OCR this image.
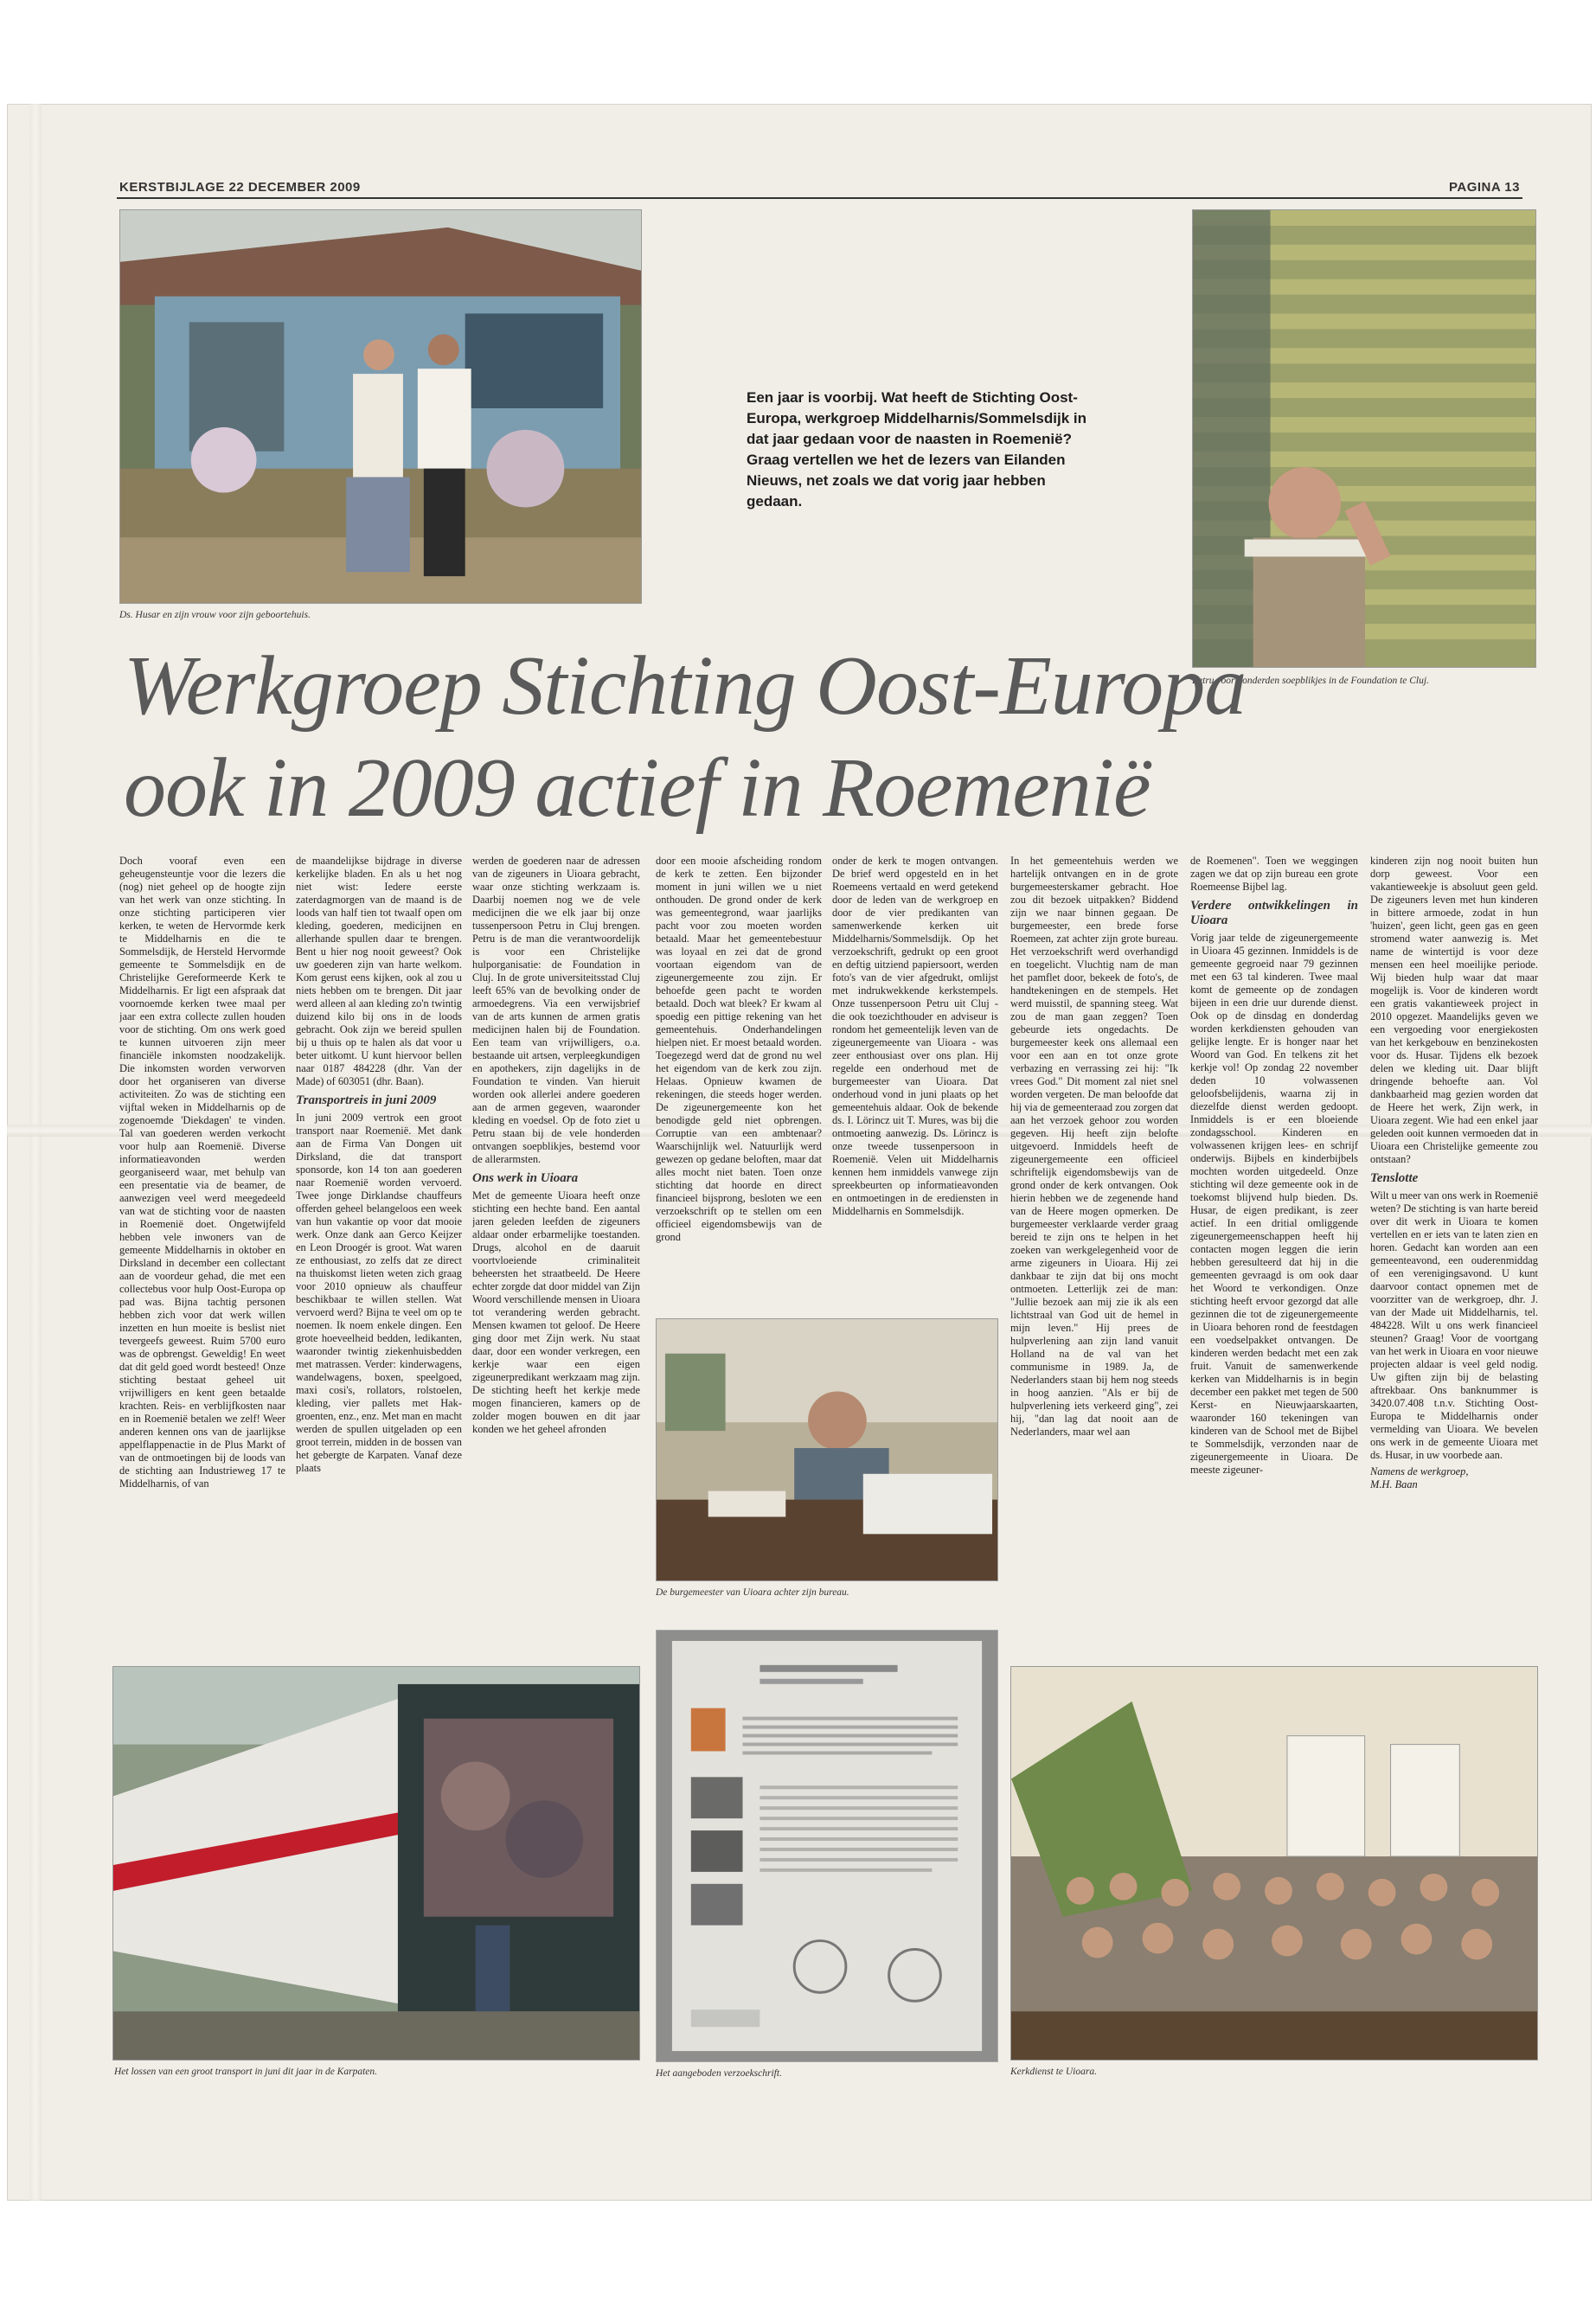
KERSTBIJLAGE 22 DECEMBER 2009	PAGINA 13
Ds. Husar en zijn vrouw voor zijn geboortehuis.
Een jaar is voorbij. Wat heeft de Stichting Oost-Europa, werkgroep Middelharnis/Sommelsdijk in dat jaar gedaan voor de naasten in Roemenië? Graag vertellen we het de lezers van Eilanden Nieuws, net zoals we dat vorig jaar hebben gedaan.
Petru voor honderden soepblikjes in de Foundation te Cluj.
Werkgroep Stichting Oost-Europa
ook in 2009 actief in Roemenië

Doch vooraf even een geheugensteuntje voor die lezers die (nog) niet geheel op de hoogte zijn van het werk van onze stichting. In onze stichting participeren vier kerken, te weten de Hervormde kerk te Middelharnis en die te Sommelsdijk, de Hersteld Hervormde gemeente te Sommelsdijk en de Christelijke Gereformeerde Kerk te Middelharnis. Er ligt een afspraak dat voornoemde kerken twee maal per jaar een extra collecte zullen houden voor de stichting. Om ons werk goed te kunnen uitvoeren zijn meer financiële inkomsten noodzakelijk. Die inkomsten worden verworven door het organiseren van diverse activiteiten. Zo was de stichting een vijftal weken in Middelharnis op de zogenoemde 'Diekdagen' te vinden. Tal van goederen werden verkocht voor hulp aan Roemenië. Diverse informatieavonden werden georganiseerd waar, met behulp van een presentatie via de beamer, de aanwezigen veel werd meegedeeld van wat de stichting voor de naasten in Roemenië doet. Ongetwijfeld hebben vele inwoners van de gemeente Middelharnis in oktober en Dirksland in december een collectant aan de voordeur gehad, die met een collectebus voor hulp Oost-Europa op pad was. Bijna tachtig personen hebben zich voor dat werk willen inzetten en hun moeite is beslist niet tevergeefs geweest. Ruim 5700 euro was de opbrengst. Geweldig! En weet dat dit geld goed wordt besteed! Onze stichting bestaat geheel uit vrijwilligers en kent geen betaalde krachten. Reis- en verblijfkosten naar en in Roemenië betalen we zelf! Weer anderen kennen ons van de jaarlijkse appelflappenactie in de Plus Markt of van de ontmoetingen bij de loods van de stichting aan Industrieweg 17 te Middelharnis, of van

de maandelijkse bijdrage in diverse kerkelijke bladen. En als u het nog niet wist: Iedere eerste zaterdagmorgen van de maand is de loods van half tien tot twaalf open om kleding, goederen, medicijnen en allerhande spullen daar te brengen. Bent u hier nog nooit geweest? Ook uw goederen zijn van harte welkom. Kom gerust eens kijken, ook al zou u niets hebben om te brengen. Dit jaar werd alleen al aan kleding zo'n twintig duizend kilo bij ons in de loods gebracht. Ook zijn we bereid spullen bij u thuis op te halen als dat voor u beter uitkomt. U kunt hiervoor bellen naar 0187 484228 (dhr. Van der Made) of 603051 (dhr. Baan).

Transportreis in juni 2009

In juni 2009 vertrok een groot transport naar Roemenië. Met dank aan de Firma Van Dongen uit Dirksland, die dat transport sponsorde, kon 14 ton aan goederen naar Roemenië worden vervoerd. Twee jonge Dirklandse chauffeurs offerden geheel belangeloos een week van hun vakantie op voor dat mooie werk. Onze dank aan Gerco Keijzer en Leon Droogér is groot. Wat waren ze enthousiast, zo zelfs dat ze direct na thuiskomst lieten weten zich graag voor 2010 opnieuw als chauffeur beschikbaar te willen stellen. Wat vervoerd werd? Bijna te veel om op te noemen. Ik noem enkele dingen. Een grote hoeveelheid bedden, ledikanten, waaronder twintig ziekenhuisbedden met matrassen. Verder: kinderwagens, wandelwagens, boxen, speelgoed, maxi cosi's, rollators, rolstoelen, kleding, vier pallets met Hak-groenten, enz., enz. Met man en macht werden de spullen uitgeladen op een groot terrein, midden in de bossen van het gebergte de Karpaten. Vanaf deze plaats

werden de goederen naar de adressen van de zigeuners in Uioara gebracht, waar onze stichting werkzaam is. Daarbij noemen nog we de vele medicijnen die we elk jaar bij onze tussenpersoon Petru in Cluj brengen. Petru is de man die verantwoordelijk is voor een Christelijke hulporganisatie: de Foundation in Cluj. In de grote universiteitsstad Cluj leeft 65% van de bevolking onder de armoedegrens. Via een verwijsbrief van de arts kunnen de armen gratis medicijnen halen bij de Foundation. Een team van vrijwilligers, o.a. bestaande uit artsen, verpleegkundigen en apothekers, zijn dagelijks in de Foundation te vinden. Van hieruit worden ook allerlei andere goederen aan de armen gegeven, waaronder kleding en voedsel. Op de foto ziet u Petru staan bij de vele honderden ontvangen soepblikjes, bestemd voor de allerarmsten.

Ons werk in Uioara

Met de gemeente Uioara heeft onze stichting een hechte band. Een aantal jaren geleden leefden de zigeuners aldaar onder erbarmelijke toestanden. Drugs, alcohol en de daaruit voortvloeiende criminaliteit beheersten het straatbeeld. De Heere echter zorgde dat door middel van Zijn Woord verschillende mensen in Uioara tot verandering werden gebracht. Mensen kwamen tot geloof. De Heere ging door met Zijn werk. Nu staat daar, door een wonder verkregen, een kerkje waar een eigen zigeunerpredikant werkzaam mag zijn. De stichting heeft het kerkje mede mogen financieren, kamers op de zolder mogen bouwen en dit jaar konden we het geheel afronden

door een mooie afscheiding rondom de kerk te zetten. Een bijzonder moment in juni willen we u niet onthouden. De grond onder de kerk was gemeentegrond, waar jaarlijks pacht voor zou moeten worden betaald. Maar het gemeentebestuur was loyaal en zei dat de grond voortaan eigendom van de zigeunergemeente zou zijn. Er behoefde geen pacht te worden betaald. Doch wat bleek? Er kwam al spoedig een pittige rekening van het gemeentehuis. Onderhandelingen hielpen niet. Er moest betaald worden. Toegezegd werd dat de grond nu wel het eigendom van de kerk zou zijn. Helaas. Opnieuw kwamen de rekeningen, die steeds hoger werden. De zigeunergemeente kon het benodigde geld niet opbrengen. Corruptie van een ambtenaar? Waarschijnlijk wel. Natuurlijk werd gewezen op gedane beloften, maar dat alles mocht niet baten. Toen onze stichting dat hoorde en direct financieel bijsprong, besloten we een verzoekschrift op te stellen om een officieel eigendomsbewijs van de grond

onder de kerk te mogen ontvangen. De brief werd opgesteld en in het Roemeens vertaald en werd getekend door de leden van de werkgroep en door de vier predikanten van samenwerkende kerken uit Middelharnis/Sommelsdijk. Op het verzoekschrift, gedrukt op een groot en deftig uitziend papiersoort, werden foto's van de vier afgedrukt, omlijst met indrukwekkende kerkstempels. Onze tussenpersoon Petru uit Cluj - die ook toezichthouder en adviseur is rondom het gemeentelijk leven van de zigeunergemeente van Uioara - was zeer enthousiast over ons plan. Hij regelde een onderhoud met de burgemeester van Uioara. Dat onderhoud vond in juni plaats op het gemeentehuis aldaar. Ook de bekende ds. I. Lörincz uit T. Mures, was bij die ontmoeting aanwezig. Ds. Lörincz is onze tweede tussenpersoon in Roemenië. Velen uit Middelharnis kennen hem inmiddels vanwege zijn spreekbeurten op informatieavonden en ontmoetingen in de erediensten in Middelharnis en Sommelsdijk.

De burgemeester van Uioara achter zijn bureau.

In het gemeentehuis werden we hartelijk ontvangen en in de grote burgemeesterskamer gebracht. Hoe zou dit bezoek uitpakken? Biddend zijn we naar binnen gegaan. De burgemeester, een brede forse Roemeen, zat achter zijn grote bureau. Het verzoekschrift werd overhandigd en toegelicht. Vluchtig nam de man het pamflet door, bekeek de foto's, de handtekeningen en de stempels. Het werd muisstil, de spanning steeg. Wat zou de man gaan zeggen? Toen gebeurde iets ongedachts. De burgemeester keek ons allemaal een voor een aan en tot onze grote verbazing en verrassing zei hij: "Ik vrees God." Dit moment zal niet snel worden vergeten. De man beloofde dat hij via de gemeenteraad zou zorgen dat aan het verzoek gehoor zou worden gegeven. Hij heeft zijn belofte uitgevoerd. Inmiddels heeft de zigeunergemeente een officieel schriftelijk eigendomsbewijs van de grond onder de kerk ontvangen. Ook hierin hebben we de zegenende hand van de Heere mogen opmerken. De burgemeester verklaarde verder graag bereid te zijn ons te helpen in het zoeken van werkgelegenheid voor de arme zigeuners in Uioara. Hij zei dankbaar te zijn dat bij ons mocht ontmoeten. Letterlijk zei de man: "Jullie bezoek aan mij zie ik als een lichtstraal van God uit de hemel in mijn leven." Hij prees de hulpverlening aan zijn land vanuit Holland na de val van het communisme in 1989. Ja, de Nederlanders staan bij hem nog steeds in hoog aanzien. "Als er bij de hulpverlening iets verkeerd ging", zei hij, "dan lag dat nooit aan de Nederlanders, maar wel aan

de Roemenen". Toen we weggingen zagen we dat op zijn bureau een grote Roemeense Bijbel lag.

Verdere ontwikkelingen in Uioara

Vorig jaar telde de zigeunergemeente in Uioara 45 gezinnen. Inmiddels is de gemeente gegroeid naar 79 gezinnen met een 63 tal kinderen. Twee maal komt de gemeente op de zondagen bijeen in een drie uur durende dienst. Ook op de dinsdag en donderdag worden kerkdiensten gehouden van gelijke lengte. Er is honger naar het Woord van God. En telkens zit het kerkje vol! Op zondag 22 november deden 10 volwassenen geloofsbelijdenis, waarna zij in diezelfde dienst werden gedoopt. Inmiddels is er een bloeiende zondagsschool. Kinderen en volwassenen krijgen lees- en schrijf onderwijs. Bijbels en kinderbijbels mochten worden uitgedeeld. Onze stichting wil deze gemeente ook in de toekomst blijvend hulp bieden. Ds. Husar, de eigen predikant, is zeer actief. In een dritial omliggende zigeunergemeenschappen heeft hij contacten mogen leggen die ierin hebben geresulteerd dat hij in die gemeenten gevraagd is om ook daar het Woord te verkondigen. Onze stichting heeft ervoor gezorgd dat alle gezinnen die tot de zigeunergemeente in Uioara behoren rond de feestdagen een voedselpakket ontvangen. De kinderen werden bedacht met een zak fruit. Vanuit de samenwerkende kerken van Middelharnis is in begin december een pakket met tegen de 500 Kerst- en Nieuwjaarskaarten, waaronder 160 tekeningen van kinderen van de School met de Bijbel te Sommelsdijk, verzonden naar de zigeunergemeente in Uioara. De meeste zigeuner-

kinderen zijn nog nooit buiten hun dorp geweest. Voor een vakantieweekje is absoluut geen geld. De zigeuners leven met hun kinderen in bittere armoede, zodat in hun 'huizen', geen licht, geen gas en geen stromend water aanwezig is. Met name de wintertijd is voor deze mensen een heel moeilijke periode. Wij bieden hulp waar dat maar mogelijk is. Voor de kinderen wordt een gratis vakantieweek project in 2010 opgezet. Maandelijks geven we een vergoeding voor energiekosten van het kerkgebouw en benzinekosten voor ds. Husar. Tijdens elk bezoek delen we kleding uit. Daar blijft dringende behoefte aan. Vol dankbaarheid mag gezien worden dat de Heere het werk, Zijn werk, in Uioara zegent. Wie had een enkel jaar geleden ooit kunnen vermoeden dat in Uioara een Christelijke gemeente zou ontstaan?

Tenslotte

Wilt u meer van ons werk in Roemenië weten? De stichting is van harte bereid over dit werk in Uioara te komen vertellen en er iets van te laten zien en horen. Gedacht kan worden aan een gemeenteavond, een ouderenmiddag of een verenigingsavond. U kunt daarvoor contact opnemen met de voorzitter van de werkgroep, dhr. J. van der Made uit Middelharnis, tel. 484228. Wilt u ons werk financieel steunen? Graag! Voor de voortgang van het werk in Uioara en voor nieuwe projecten aldaar is veel geld nodig. Uw giften zijn bij de belasting aftrekbaar. Ons banknummer is 3420.07.408 t.n.v. Stichting Oost-Europa te Middelharnis onder vermelding van Uioara. We bevelen ons werk in de gemeente Uioara met ds. Husar, in uw voorbede aan.

Namens de werkgroep,

M.H. Baan

Het lossen van een groot transport in juni dit jaar in de Karpaten.	Het aangeboden verzoekschrift.	Kerkdienst te Uioara.
